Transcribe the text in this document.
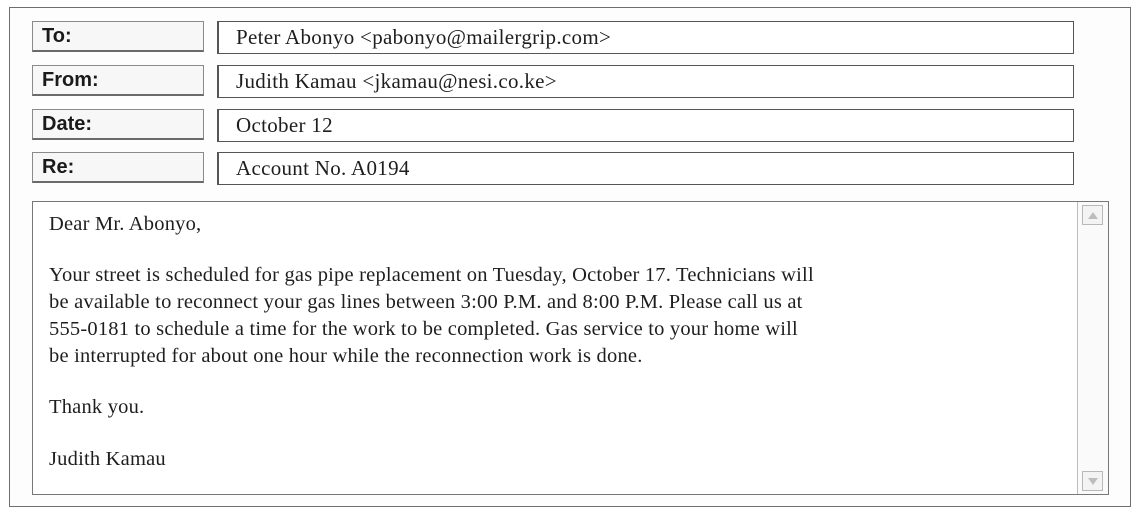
To:	Peter Abonyo <pabonyo@mailergrip.com>
From:	Judith Kamau <jkamau@nesi.co.ke>
Date:	October 12
Re:	Account No. A0194

Dear Mr. Abonyo,

Your street is scheduled for gas pipe replacement on Tuesday, October 17. Technicians will

be available to reconnect your gas lines between 3:00 P.M. and 8:00 P.M. Please call us at

555-0181 to schedule a time for the work to be completed. Gas service to your home will

be interrupted for about one hour while the reconnection work is done.

Thank you.

Judith Kamau
